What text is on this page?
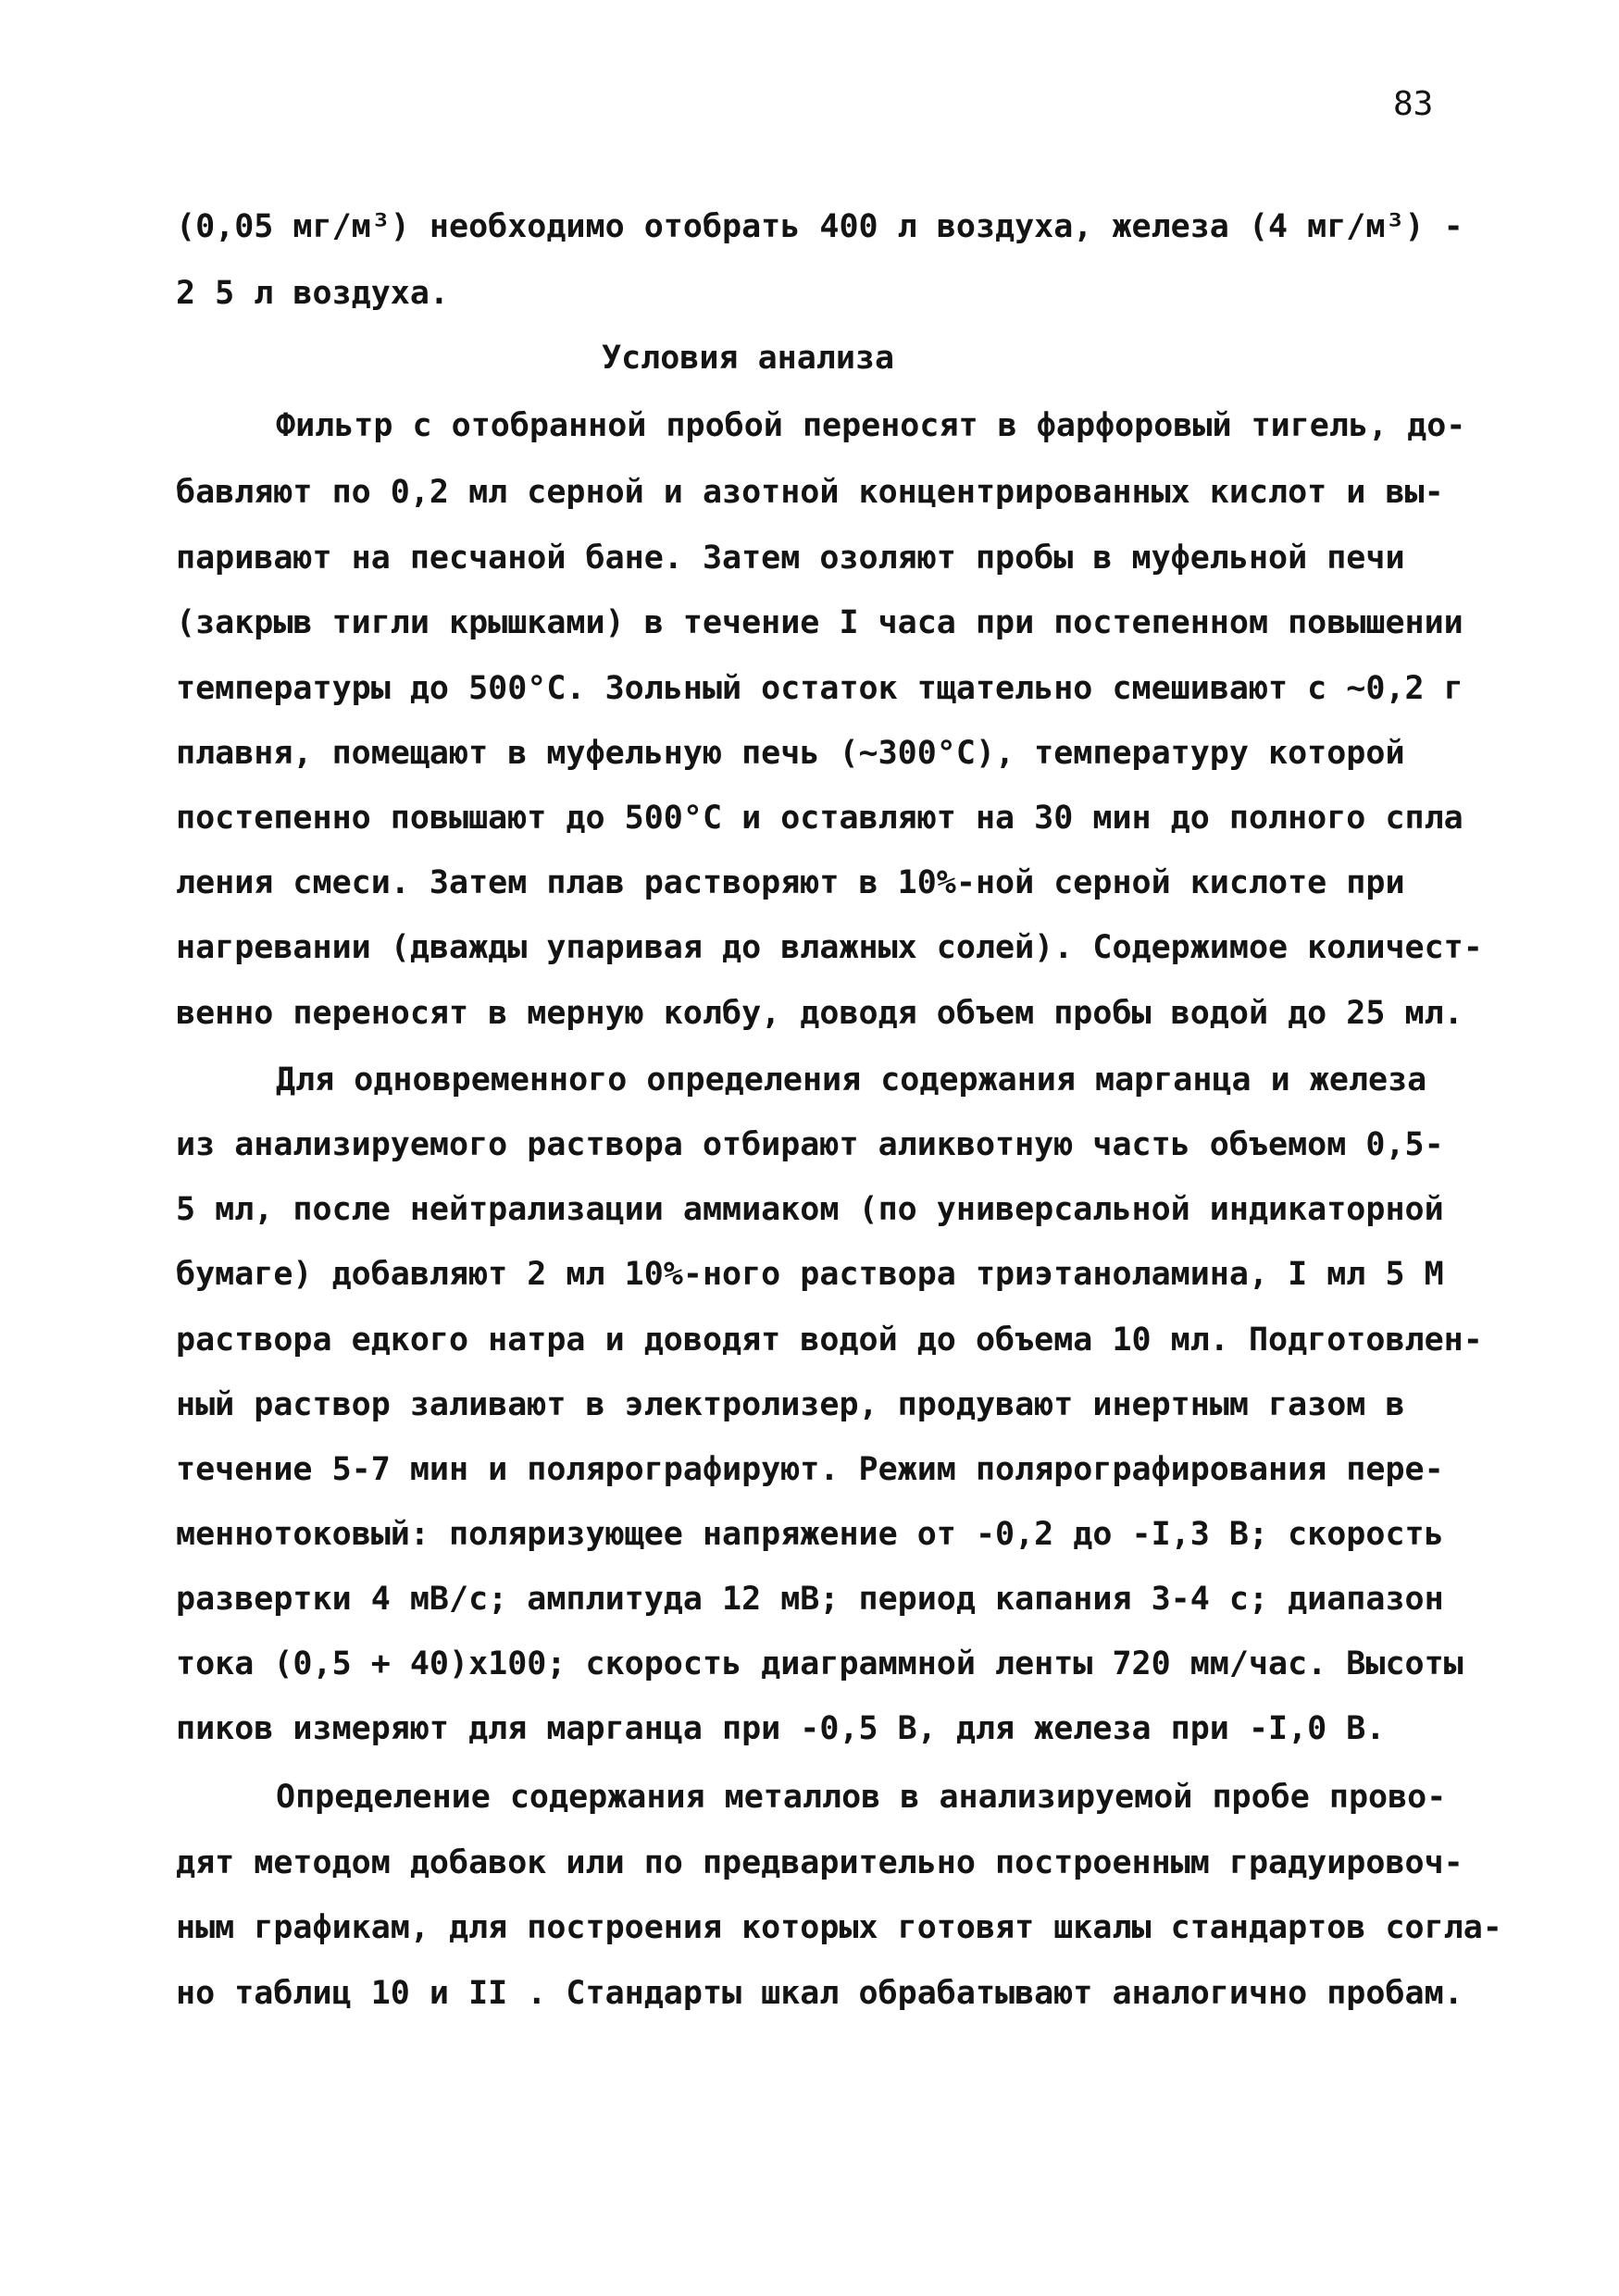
83
(0,05 мг/м³) необходимо отобрать 400 л воздуха, железа (4 мг/м³) -
2 5 л воздуха.
Условия анализа
Фильтр с отобранной пробой переносят в фарфоровый тигель, до-
бавляют по 0,2 мл серной и азотной концентрированных кислот и вы-
паривают на песчаной бане. Затем озоляют пробы в муфельной печи
(закрыв тигли крышками) в течение I часа при постепенном повышении
температуры до 500°С. Зольный остаток тщательно смешивают с ~0,2 г
плавня, помещают в муфельную печь (~300°С), температуру которой
постепенно повышают до 500°С и оставляют на 30 мин до полного спла
ления смеси. Затем плав растворяют в 10%-ной серной кислоте при
нагревании (дважды упаривая до влажных солей). Содержимое количест-
венно переносят в мерную колбу, доводя объем пробы водой до 25 мл.
Для одновременного определения содержания марганца и железа
из анализируемого раствора отбирают аликвотную часть объемом 0,5-
5 мл, после нейтрализации аммиаком (по универсальной индикаторной
бумаге) добавляют 2 мл 10%-ного раствора триэтаноламина, I мл 5 М
раствора едкого натра и доводят водой до объема 10 мл. Подготовлен-
ный раствор заливают в электролизер, продувают инертным газом в
течение 5-7 мин и полярографируют. Режим полярографирования пере-
меннотоковый: поляризующее напряжение от -0,2 до -I,3 В; скорость
развертки 4 мВ/с; амплитуда 12 мВ; период капания 3-4 с; диапазон
тока (0,5 + 40)х100; скорость диаграммной ленты 720 мм/час. Высоты
пиков измеряют для марганца при -0,5 В, для железа при -I,0 В.
Определение содержания металлов в анализируемой пробе прово-
дят методом добавок или по предварительно построенным градуировоч-
ным графикам, для построения которых готовят шкалы стандартов согла-
но таблиц 10 и II . Стандарты шкал обрабатывают аналогично пробам.
